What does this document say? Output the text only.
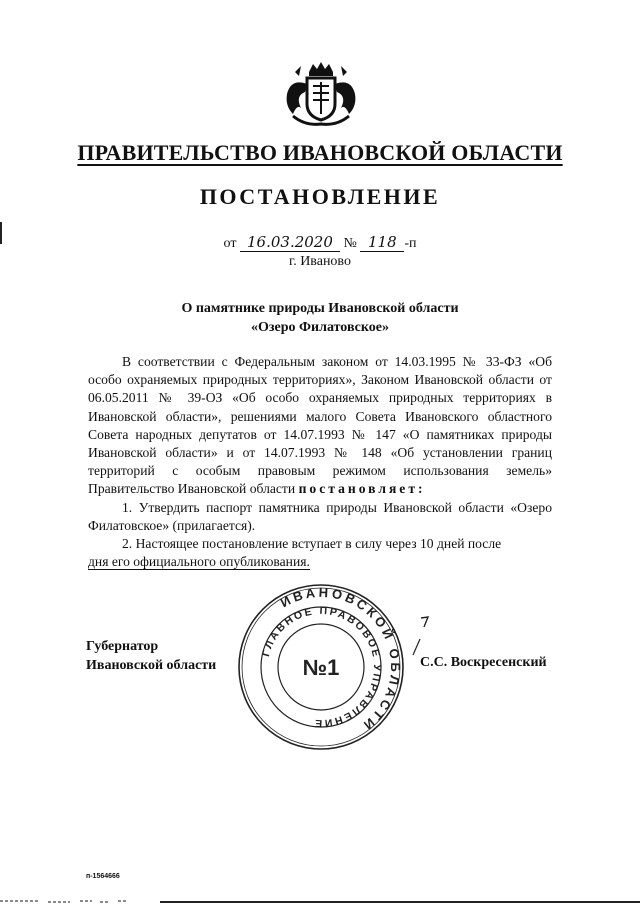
ПРАВИТЕЛЬСТВО ИВАНОВСКОЙ ОБЛАСТИ
ПОСТАНОВЛЕНИЕ
от 16.03.2020 № 118 -п
г. Иваново
О памятнике природы Ивановской области
«Озеро Филатовское»

В соответствии с Федеральным законом от 14.03.1995 № 33-ФЗ «Об особо охраняемых природных территориях», Законом Ивановской области от 06.05.2011 № 39-ОЗ «Об особо охраняемых природных территориях в Ивановской области», решениями малого Совета Ивановского областного Совета народных депутатов от 14.07.1993 № 147 «О памятниках природы Ивановской области» и от 14.07.1993 № 148 «Об установлении границ территорий с особым правовым режимом использования земель» Правительство Ивановской области постановляет:

1. Утвердить паспорт памятника природы Ивановской области «Озеро Филатовское» (прилагается).

2. Настоящее постановление вступает в силу через 10 дней после

дня его официального опубликования.

Губернатор
Ивановской области
ИВАНОВСКОЙ ОБЛАСТИ
ГЛАВНОЕ ПРАВОВОЕ УПРАВЛЕНИЕ
№1	С.С. Воскресенский
п-1564666
